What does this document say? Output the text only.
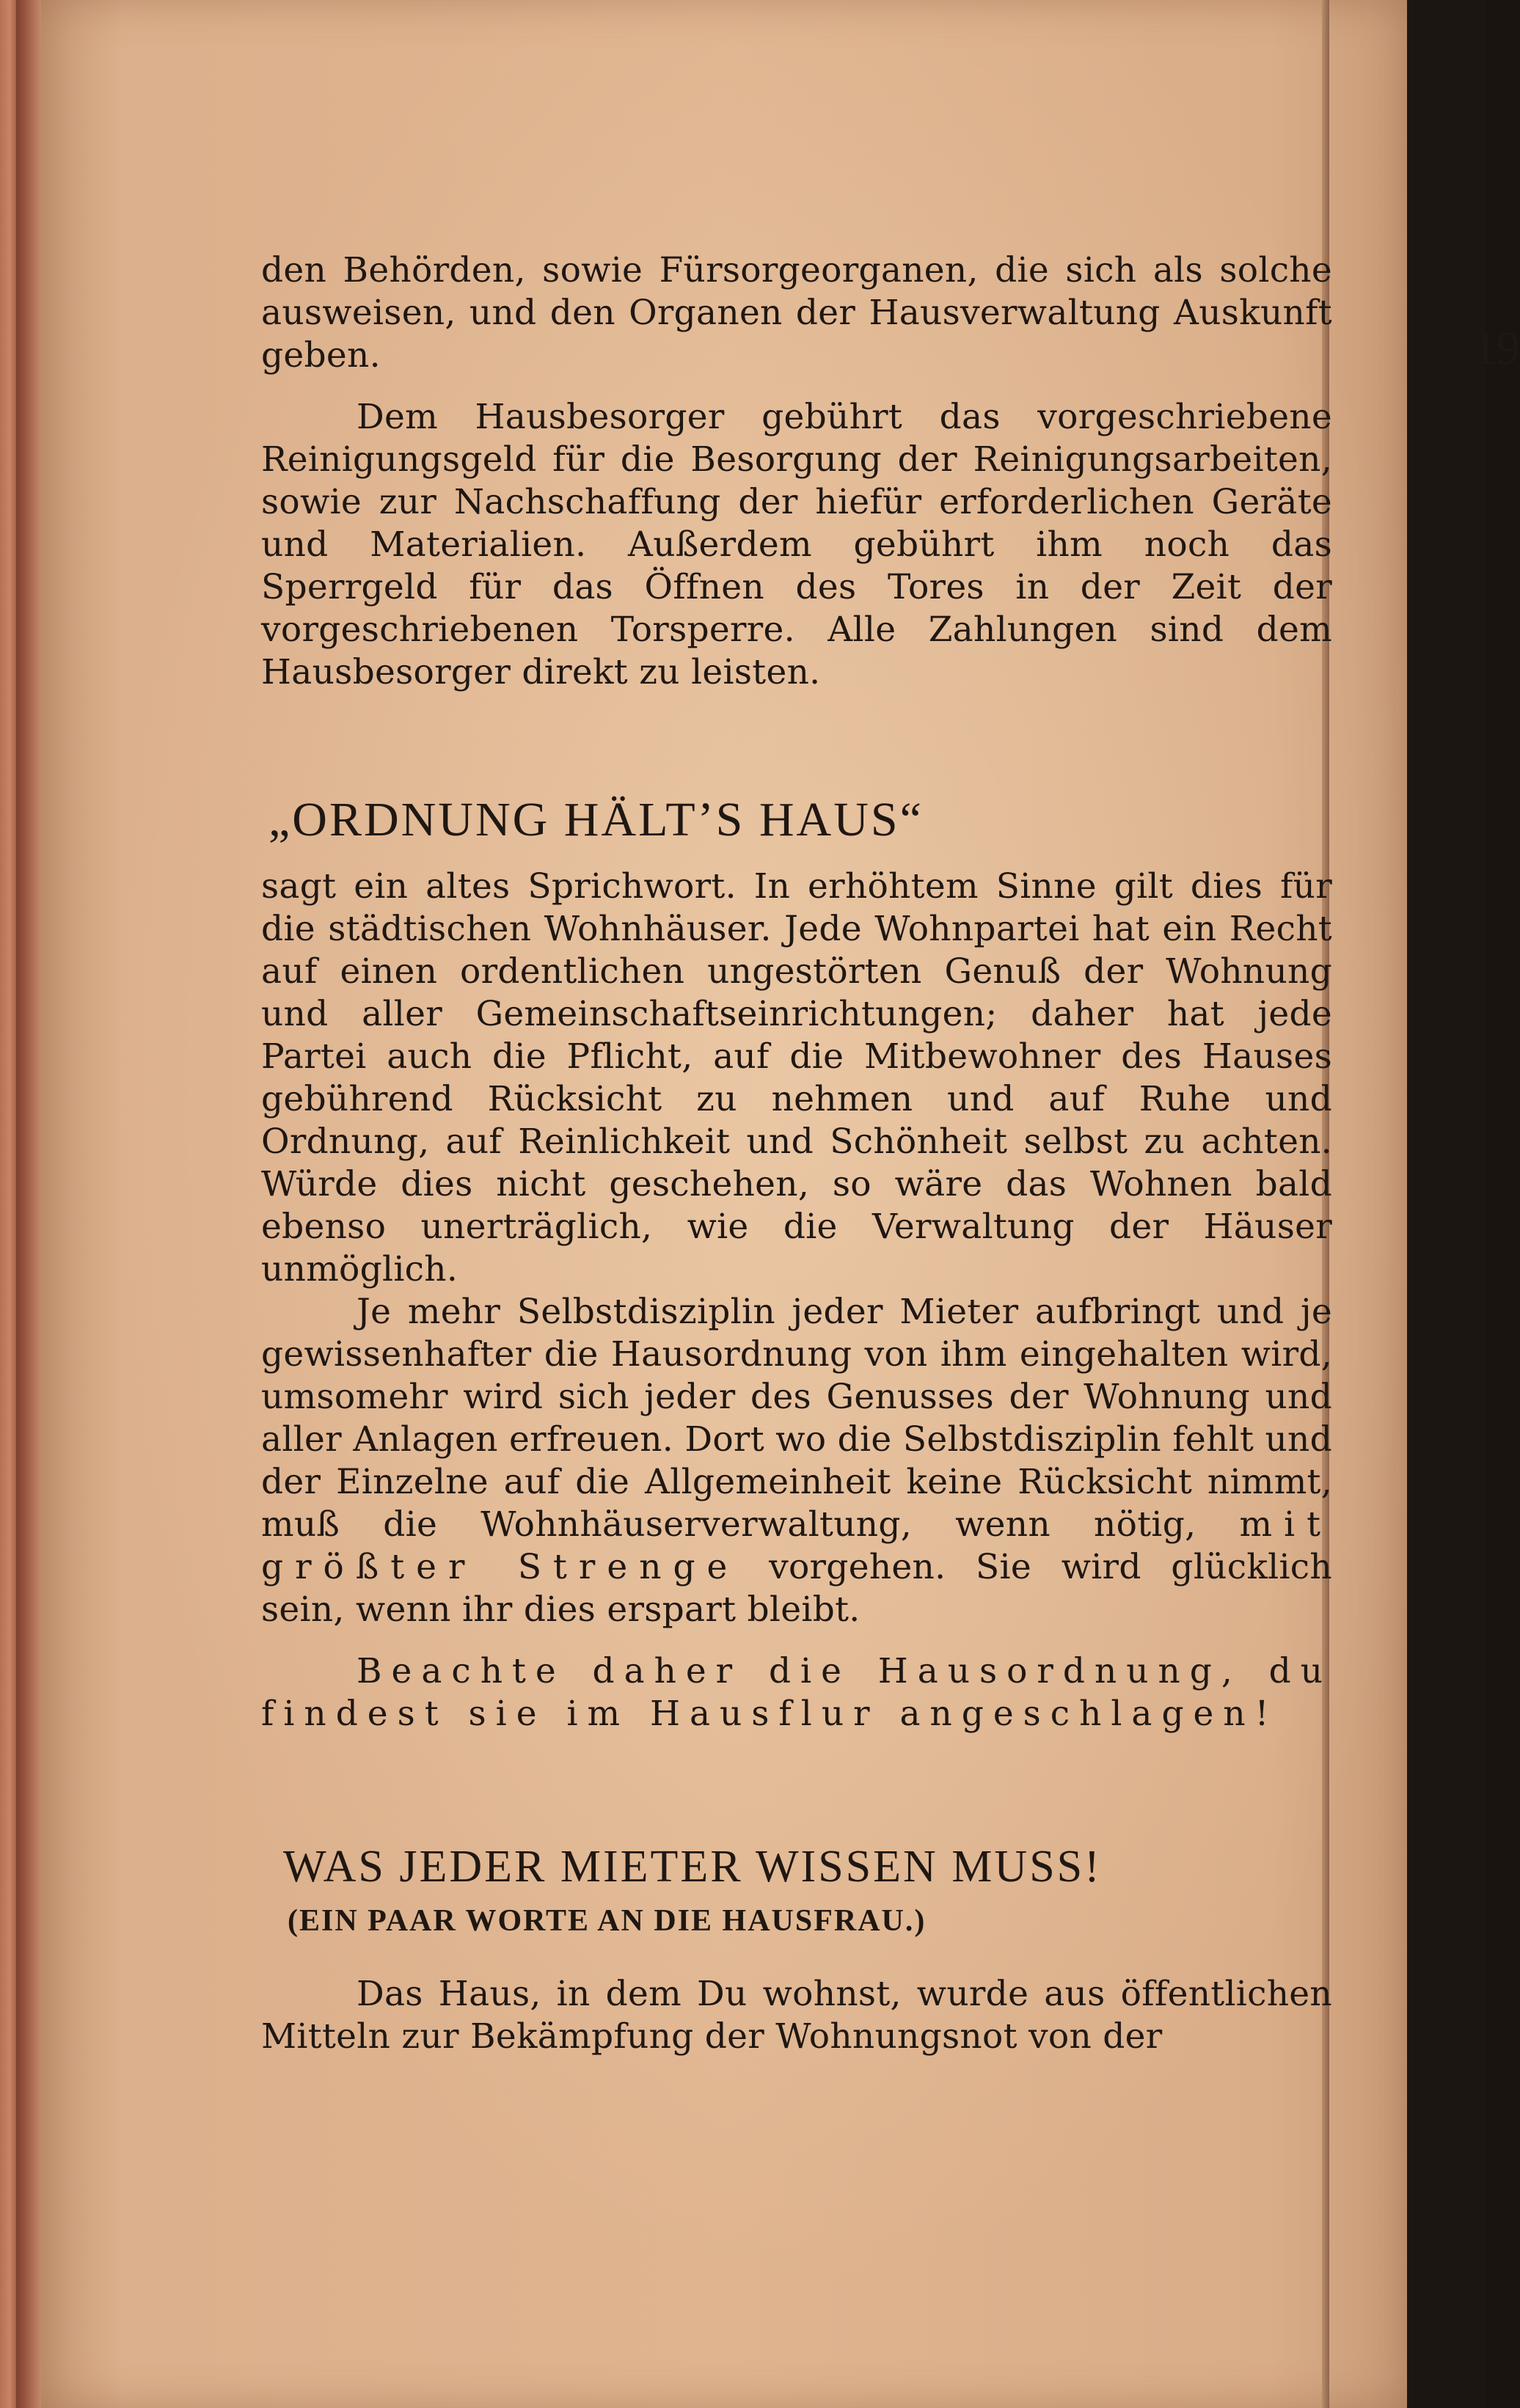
19

den Behörden, sowie Fürsorgeorganen, die sich als solche ausweisen, und den Organen der Hausverwaltung Auskunft geben.

Dem Hausbesorger gebührt das vorgeschriebene Reinigungsgeld für die Besorgung der Reinigungsarbeiten, sowie zur Nachschaffung der hiefür erforderlichen Geräte und Materialien. Außerdem gebührt ihm noch das Sperrgeld für das Öffnen des Tores in der Zeit der vorgeschriebenen Torsperre. Alle Zahlungen sind dem Hausbesorger direkt zu leisten.

„ORDNUNG HÄLT’S HAUS“

sagt ein altes Sprichwort. In erhöhtem Sinne gilt dies für die städtischen Wohnhäuser. Jede Wohnpartei hat ein Recht auf einen ordentlichen ungestörten Genuß der Wohnung und aller Gemeinschaftseinrichtungen; daher hat jede Partei auch die Pflicht, auf die Mitbewohner des Hauses gebührend Rücksicht zu nehmen und auf Ruhe und Ordnung, auf Reinlichkeit und Schönheit selbst zu achten. Würde dies nicht geschehen, so wäre das Wohnen bald ebenso unerträglich, wie die Verwaltung der Häuser unmöglich.

Je mehr Selbstdisziplin jeder Mieter aufbringt und je gewissenhafter die Hausordnung von ihm eingehalten wird, umsomehr wird sich jeder des Genusses der Wohnung und aller Anlagen erfreuen. Dort wo die Selbstdisziplin fehlt und der Einzelne auf die Allgemeinheit keine Rücksicht nimmt, muß die Wohnhäuserverwaltung, wenn nötig, mit größter Strenge vorgehen. Sie wird glücklich sein, wenn ihr dies erspart bleibt.

Beachte daher die Hausordnung, du findest sie im Hausflur angeschlagen!

WAS JEDER MIETER WISSEN MUSS!
(EIN PAAR WORTE AN DIE HAUSFRAU.)

Das Haus, in dem Du wohnst, wurde aus öffentlichen Mitteln zur Bekämpfung der Wohnungsnot von der
